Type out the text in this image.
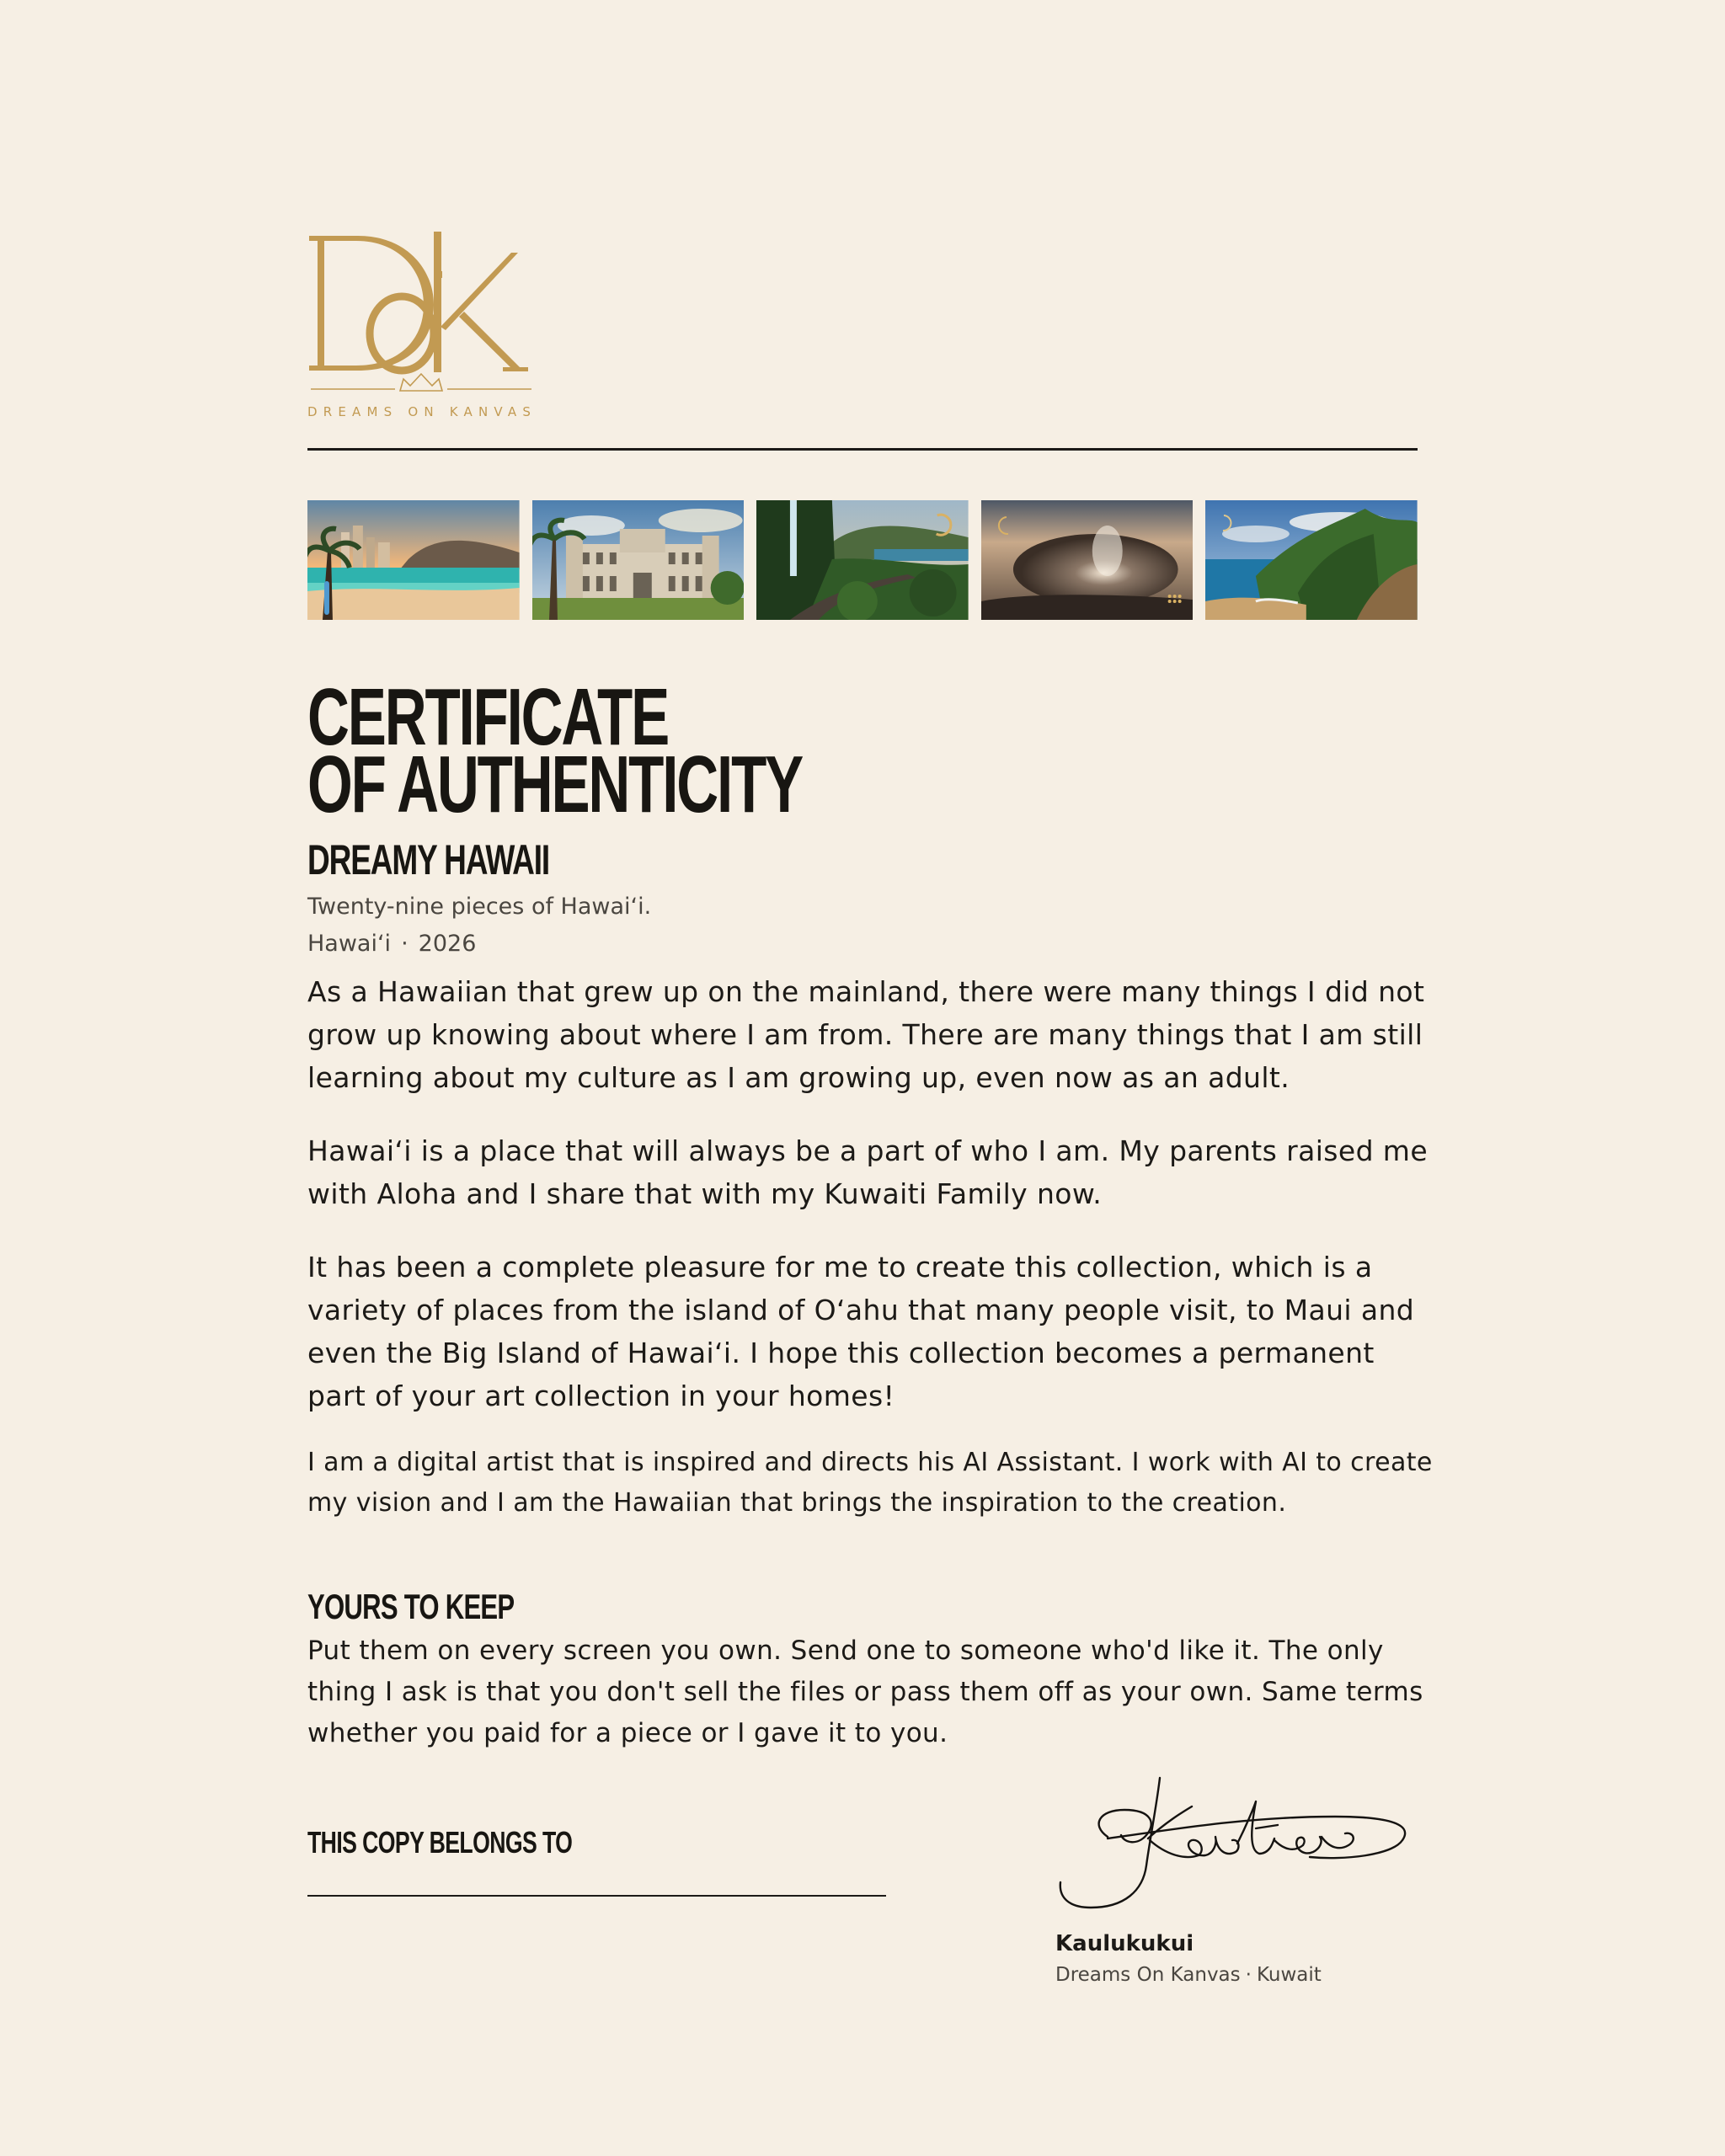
DREAMS ON KANVAS
CERTIFICATE
OF AUTHENTICITY
DREAMY HAWAII
Twenty-nine pieces of Hawaiʻi.
Hawaiʻi · 2026

As a Hawaiian that grew up on the mainland, there were many things I did not grow up knowing about where I am from. There are many things that I am still learning about my culture as I am growing up, even now as an adult.

Hawaiʻi is a place that will always be a part of who I am. My parents raised me with Aloha and I share that with my Kuwaiti Family now.

It has been a complete pleasure for me to create this collection, which is a variety of places from the island of Oʻahu that many people visit, to Maui and even the Big Island of Hawaiʻi. I hope this collection becomes a permanent part of your art collection in your homes!

I am a digital artist that is inspired and directs his AI Assistant. I work with AI to create my vision and I am the Hawaiian that brings the inspiration to the creation.

YOURS TO KEEP

Put them on every screen you own. Send one to someone who'd like it. The only thing I ask is that you don't sell the files or pass them off as your own. Same terms whether you paid for a piece or I gave it to you.

THIS COPY BELONGS TO
Kaulukukui
Dreams On Kanvas · Kuwait
